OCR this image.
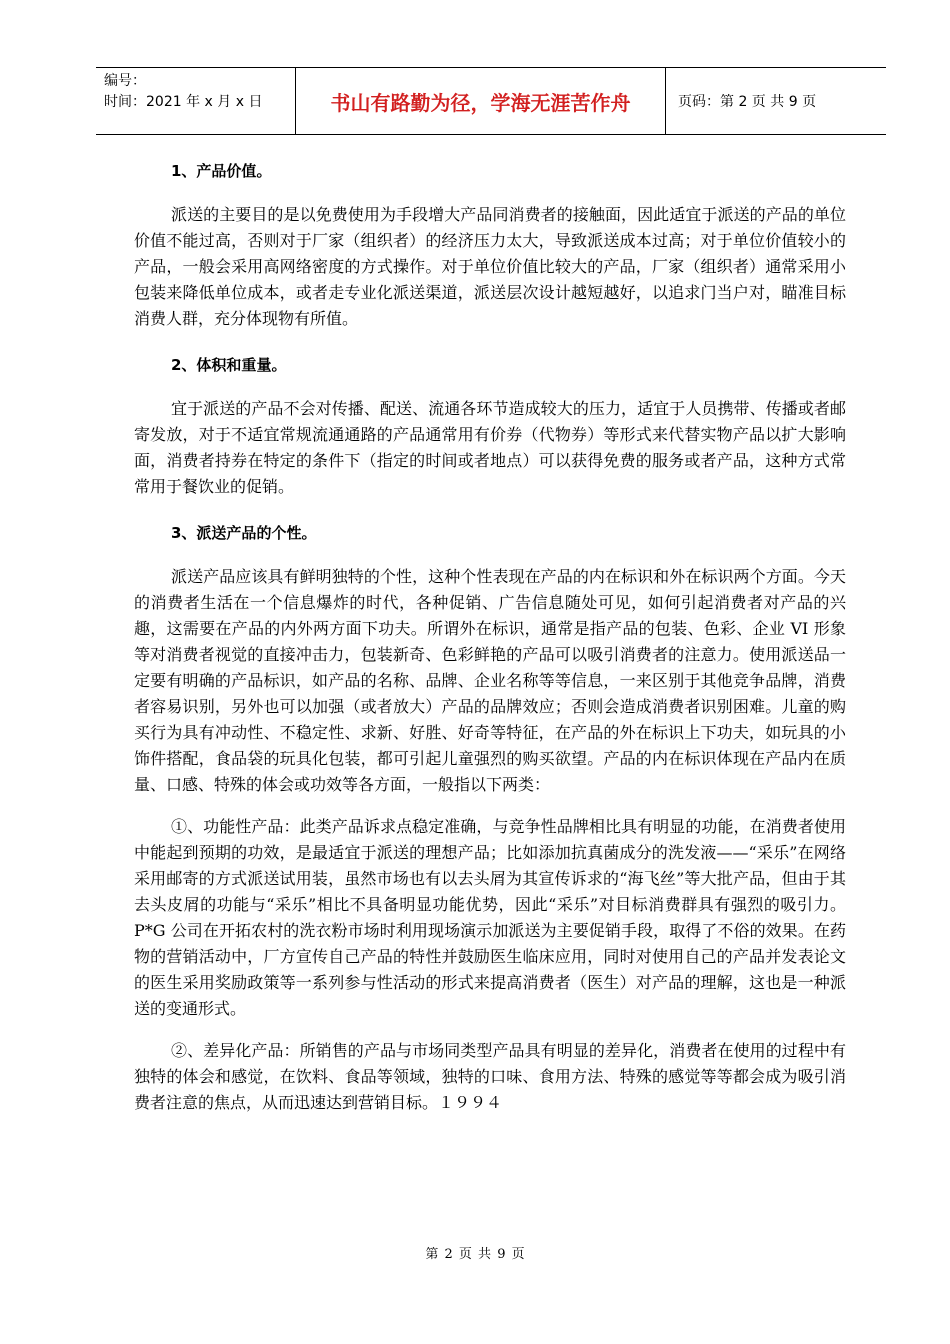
编号：
时间：2021 年 x 月 x 日	书山有路勤为径，学海无涯苦作舟	页码：第 2 页 共 9 页

1、产品价值。

派送的主要目的是以免费使用为手段增大产品同消费者的接触面，因此适宜于派送的产品的单位价值不能过高，否则对于厂家（组织者）的经济压力太大，导致派送成本过高；对于单位价值较小的产品，一般会采用高网络密度的方式操作。对于单位价值比较大的产品，厂家（组织者）通常采用小包装来降低单位成本，或者走专业化派送渠道，派送层次设计越短越好，以追求门当户对，瞄准目标消费人群，充分体现物有所值。

2、体积和重量。

宜于派送的产品不会对传播、配送、流通各环节造成较大的压力，适宜于人员携带、传播或者邮寄发放，对于不适宜常规流通通路的产品通常用有价券（代物券）等形式来代替实物产品以扩大影响面，消费者持券在特定的条件下（指定的时间或者地点）可以获得免费的服务或者产品，这种方式常常用于餐饮业的促销。

3、派送产品的个性。

派送产品应该具有鲜明独特的个性，这种个性表现在产品的内在标识和外在标识两个方面。今天的消费者生活在一个信息爆炸的时代，各种促销、广告信息随处可见，如何引起消费者对产品的兴趣，这需要在产品的内外两方面下功夫。所谓外在标识，通常是指产品的包装、色彩、企业 VI 形象等对消费者视觉的直接冲击力，包装新奇、色彩鲜艳的产品可以吸引消费者的注意力。使用派送品一定要有明确的产品标识，如产品的名称、品牌、企业名称等等信息，一来区别于其他竞争品牌，消费者容易识别，另外也可以加强（或者放大）产品的品牌效应；否则会造成消费者识别困难。儿童的购买行为具有冲动性、不稳定性、求新、好胜、好奇等特征，在产品的外在标识上下功夫，如玩具的小饰件搭配，食品袋的玩具化包装，都可引起儿童强烈的购买欲望。产品的内在标识体现在产品内在质量、口感、特殊的体会或功效等各方面，一般指以下两类：

①、功能性产品：此类产品诉求点稳定准确，与竞争性品牌相比具有明显的功能，在消费者使用中能起到预期的功效，是最适宜于派送的理想产品；比如添加抗真菌成分的洗发液——“采乐”在网络采用邮寄的方式派送试用装，虽然市场也有以去头屑为其宣传诉求的“海飞丝”等大批产品，但由于其去头皮屑的功能与“采乐”相比不具备明显功能优势，因此“采乐”对目标消费群具有强烈的吸引力。P*G 公司在开拓农村的洗衣粉市场时利用现场演示加派送为主要促销手段，取得了不俗的效果。在药物的营销活动中，厂方宣传自己产品的特性并鼓励医生临床应用，同时对使用自己的产品并发表论文的医生采用奖励政策等一系列参与性活动的形式来提高消费者（医生）对产品的理解，这也是一种派送的变通形式。

②、差异化产品：所销售的产品与市场同类型产品具有明显的差异化，消费者在使用的过程中有独特的体会和感觉，在饮料、食品等领域，独特的口味、食用方法、特殊的感觉等等都会成为吸引消费者注意的焦点，从而迅速达到营销目标。１９９４

第 2 页 共 9 页
